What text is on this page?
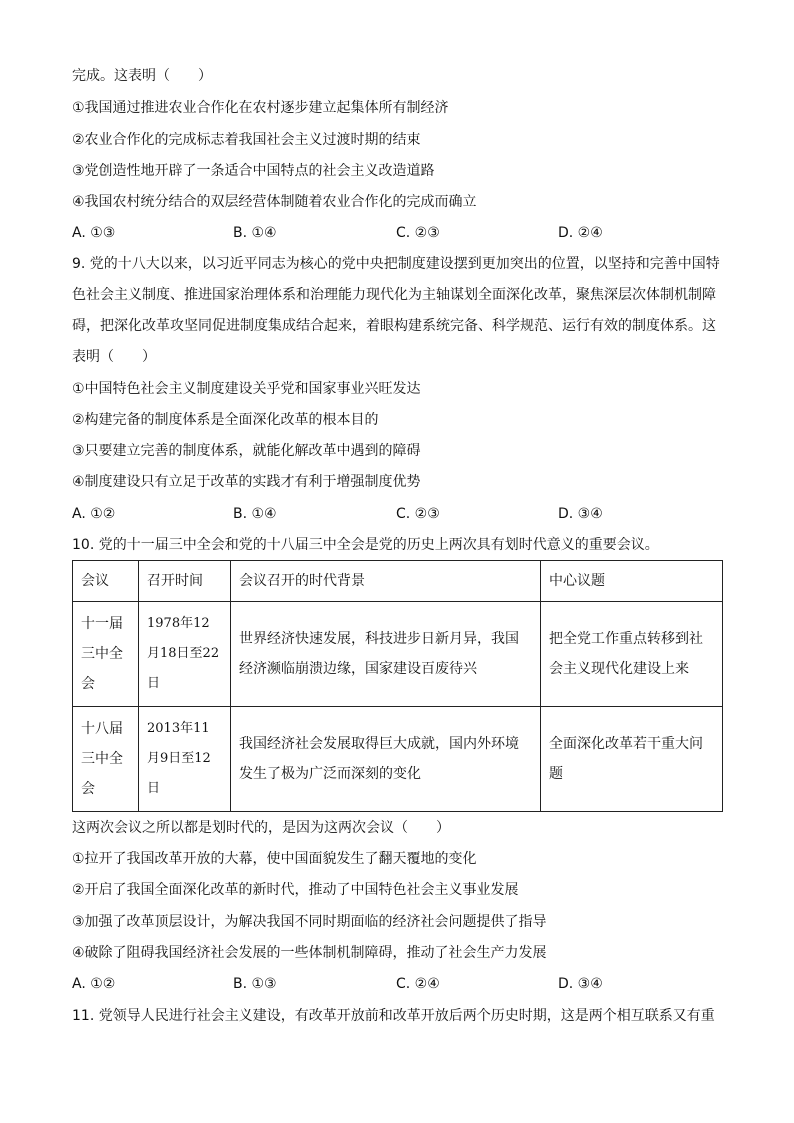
完成。这表明（　　）
①我国通过推进农业合作化在农村逐步建立起集体所有制经济
②农业合作化的完成标志着我国社会主义过渡时期的结束
③党创造性地开辟了一条适合中国特点的社会主义改造道路
④我国农村统分结合的双层经营体制随着农业合作化的完成而确立
A. ①③	B. ①④	C. ②③	D. ②④
9. 党的十八大以来，以习近平同志为核心的党中央把制度建设摆到更加突出的位置，以坚持和完善中国特
色社会主义制度、推进国家治理体系和治理能力现代化为主轴谋划全面深化改革，聚焦深层次体制机制障
碍，把深化改革攻坚同促进制度集成结合起来，着眼构建系统完备、科学规范、运行有效的制度体系。这
表明（　　）
①中国特色社会主义制度建设关乎党和国家事业兴旺发达
②构建完备的制度体系是全面深化改革的根本目的
③只要建立完善的制度体系，就能化解改革中遇到的障碍
④制度建设只有立足于改革的实践才有利于增强制度优势
A. ①②	B. ①④	C. ②③	D. ③④
10. 党的十一届三中全会和党的十八届三中全会是党的历史上两次具有划时代意义的重要会议。
会议	召开时间	会议召开的时代背景	中心议题
十一届三中全会	1978年12月18日至22日	世界经济快速发展，科技进步日新月异，我国经济濒临崩溃边缘，国家建设百废待兴	把全党工作重点转移到社会主义现代化建设上来
十八届三中全会	2013年11月9日至12日	我国经济社会发展取得巨大成就，国内外环境发生了极为广泛而深刻的变化	全面深化改革若干重大问题
这两次会议之所以都是划时代的，是因为这两次会议（　　）
①拉开了我国改革开放的大幕，使中国面貌发生了翻天覆地的变化
②开启了我国全面深化改革的新时代，推动了中国特色社会主义事业发展
③加强了改革顶层设计，为解决我国不同时期面临的经济社会问题提供了指导
④破除了阻碍我国经济社会发展的一些体制机制障碍，推动了社会生产力发展
A. ①②	B. ①③	C. ②④	D. ③④
11. 党领导人民进行社会主义建设，有改革开放前和改革开放后两个历史时期，这是两个相互联系又有重
